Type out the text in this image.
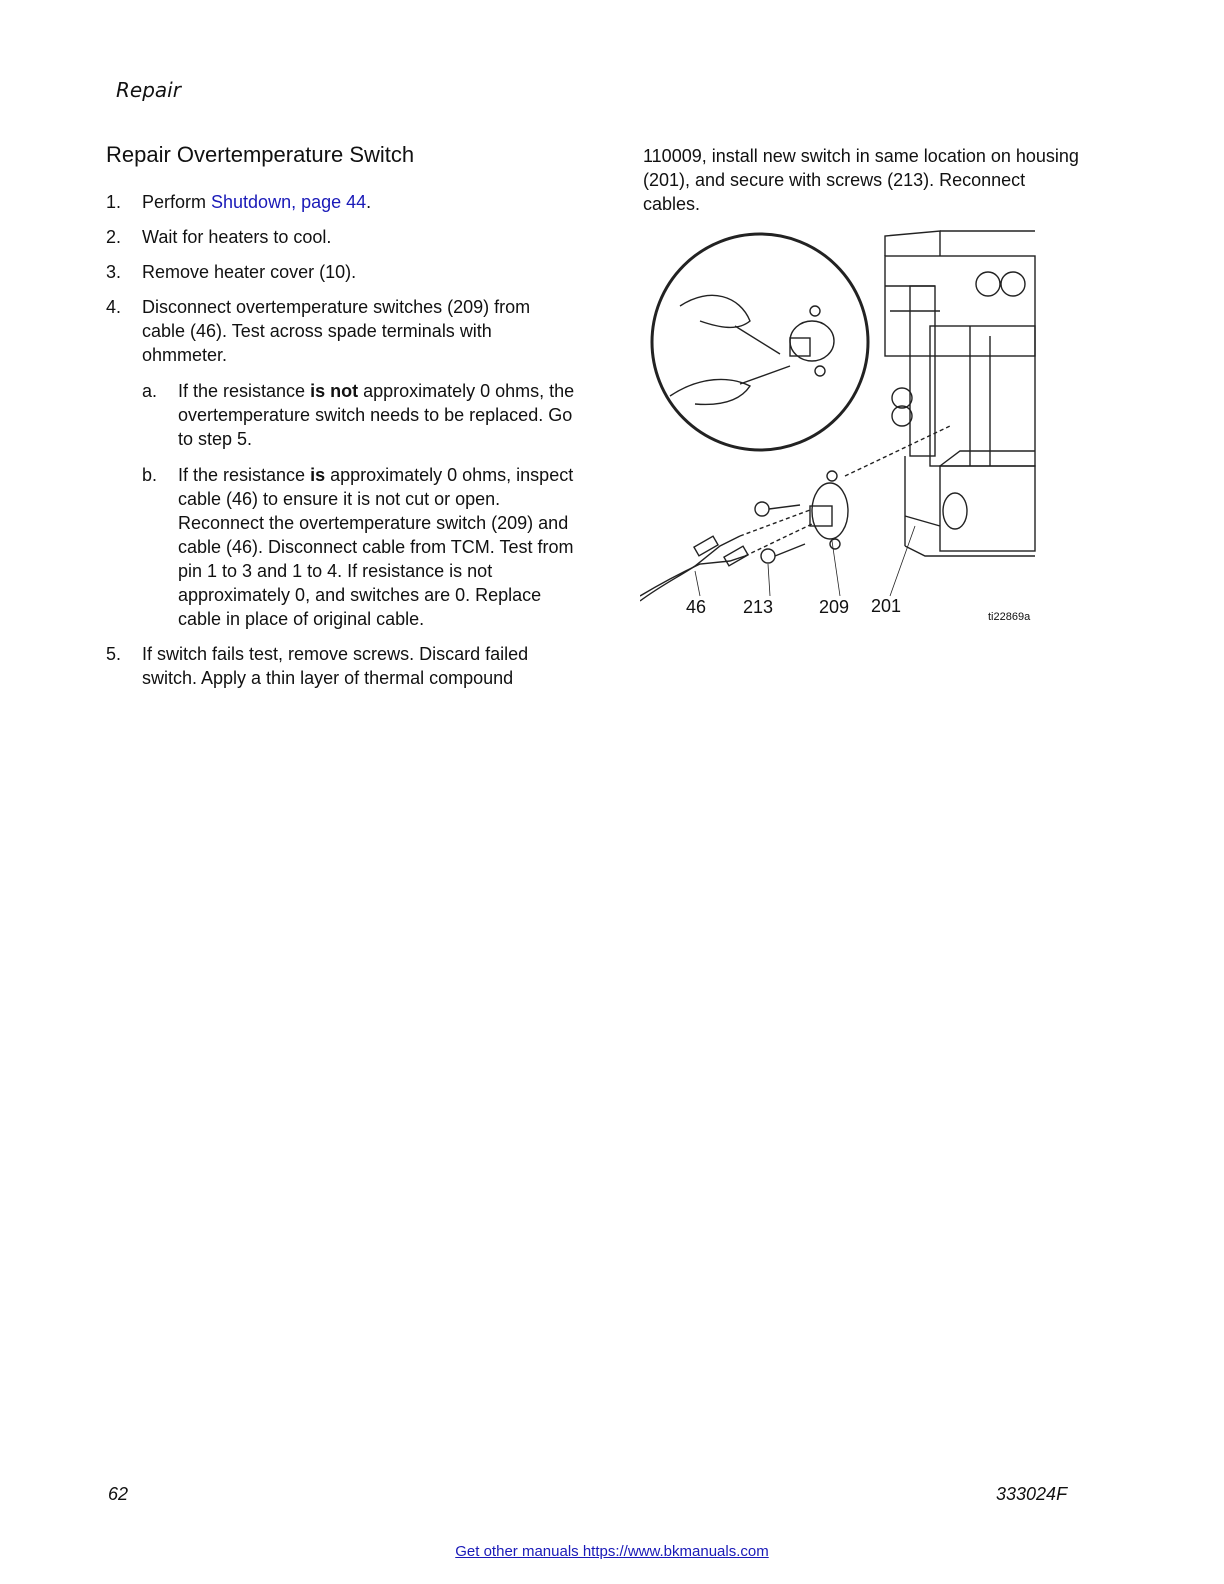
Repair
Repair Overtemperature Switch
1. Perform Shutdown, page 44.
2. Wait for heaters to cool.
3. Remove heater cover (10).
4. Disconnect overtemperature switches (209) from cable (46). Test across spade terminals with ohmmeter.
a. If the resistance is not approximately 0 ohms, the overtemperature switch needs to be replaced. Go to step 5.
b. If the resistance is approximately 0 ohms, inspect cable (46) to ensure it is not cut or open. Reconnect the overtemperature switch (209) and cable (46). Disconnect cable from TCM. Test from pin 1 to 3 and 1 to 4. If resistance is not approximately 0, and switches are 0. Replace cable in place of original cable.
5. If switch fails test, remove screws. Discard failed switch. Apply a thin layer of thermal compound
110009, install new switch in same location on housing (201), and secure with screws (213). Reconnect cables.
46 213	209 201
ti22869a
62	333024F
Get other manuals https://www.bkmanuals.com
